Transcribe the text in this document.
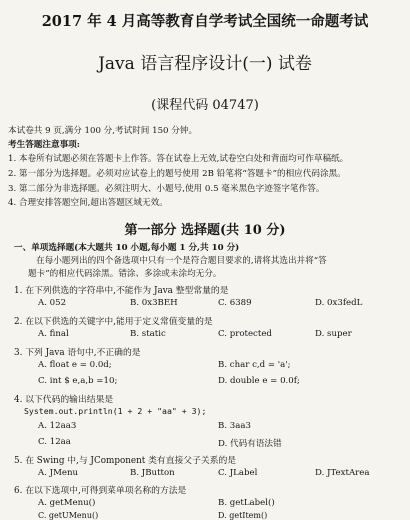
2017 年 4 月高等教育自学考试全国统一命题考试
Java 语言程序设计(一) 试卷
(课程代码 04747)
本试卷共 9 页,满分 100 分,考试时间 150 分钟。
考生答题注意事项:
1. 本卷所有试题必须在答题卡上作答。答在试卷上无效,试卷空白处和背面均可作草稿纸。
2. 第一部分为选择题。必须对应试卷上的题号使用 2B 铅笔将“答题卡”的相应代码涂黑。
3. 第二部分为非选择题。必须注明大、小题号,使用 0.5 毫米黑色字迹签字笔作答。
4. 合理安排答题空间,超出答题区域无效。
第一部分 选择题(共 10 分)
一、单项选择题(本大题共 10 小题,每小题 1 分,共 10 分)
在每小题列出的四个备选项中只有一个是符合题目要求的,请将其选出并将“答
题卡”的相应代码涂黑。错涂、多涂或未涂均无分。
1. 在下列供选的字符串中,不能作为 Java 整型常量的是
A. 052	B. 0x3BEH	C. 6389	D. 0x3fedL
2. 在以下供选的关键字中,能用于定义常值变量的是
A. final	B. static	C. protected	D. super
3. 下列 Java 语句中,不正确的是
A. float e = 0.0d;	B. char c,d = 'a';
C. int $ e,a,b =10;	D. double e = 0.0f;
4. 以下代码的输出结果是
System.out.println(1 + 2 + "aa" + 3);
A. 12aa3	B. 3aa3
C. 12aa	D. 代码有语法错
5. 在 Swing 中,与 JComponent 类有直接父子关系的是
A. JMenu	B. JButton	C. JLabel	D. JTextArea
6. 在以下选项中,可得到菜单项名称的方法是
A. getMenu()	B. getLabel()
C. getUMenu()	D. getItem()
